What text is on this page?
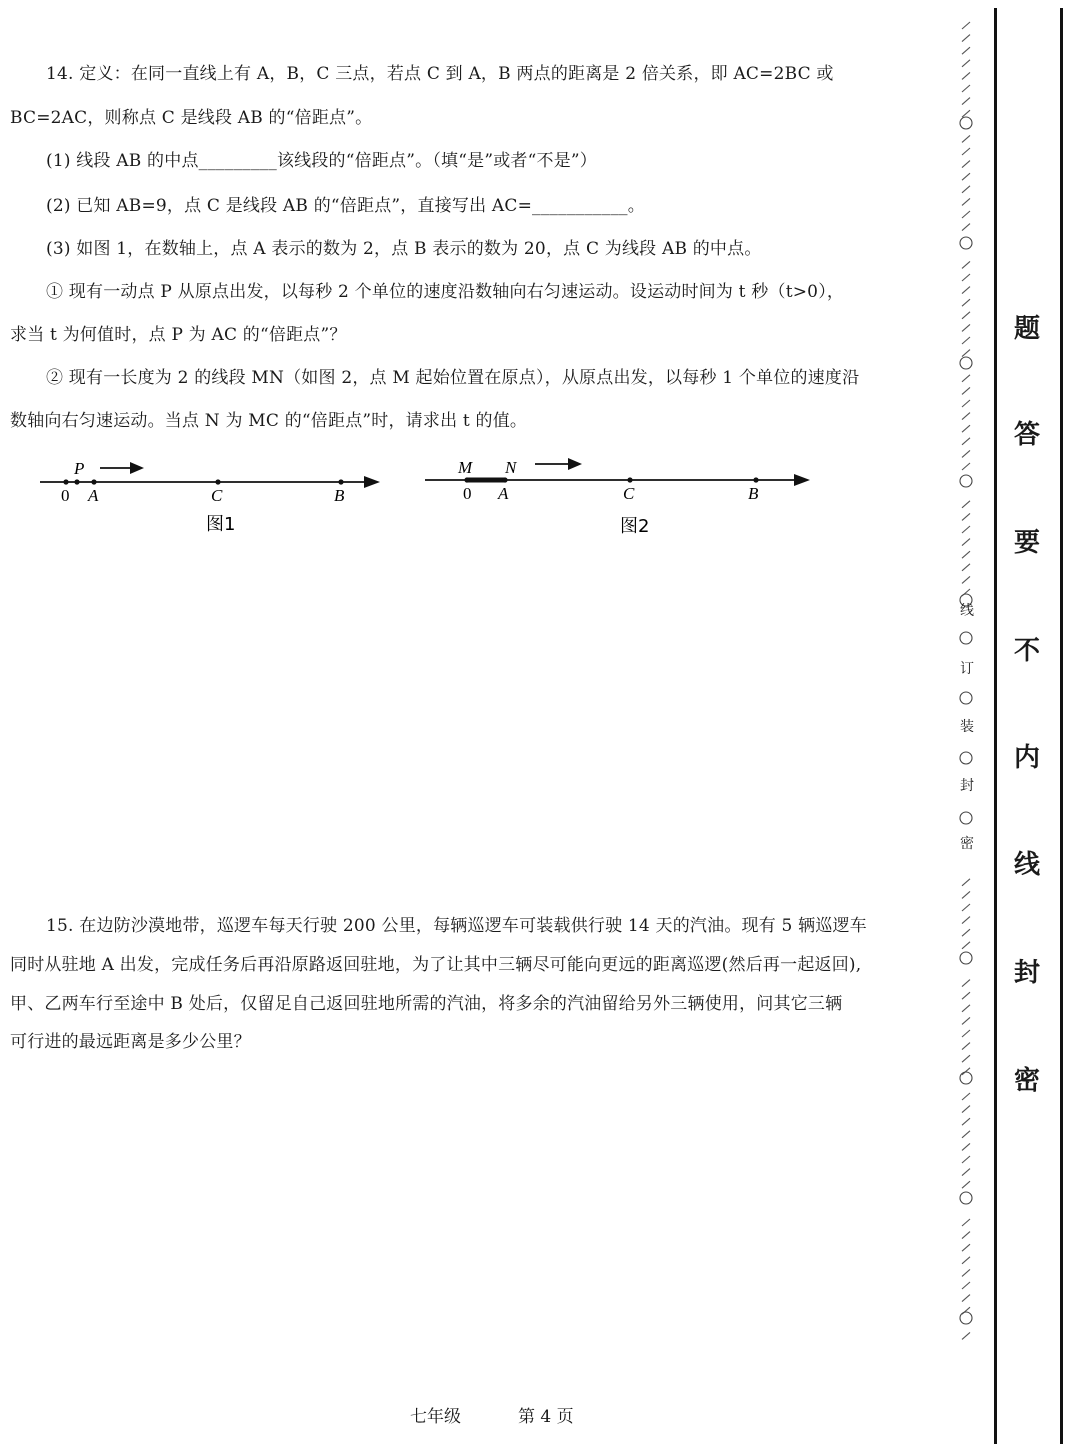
14. 定义：在同一直线上有 A，B，C 三点，若点 C 到 A，B 两点的距离是 2 倍关系，即 AC=2BC 或
BC=2AC，则称点 C 是线段 AB 的“倍距点”。
(1) 线段 AB 的中点_________该线段的“倍距点”。（填“是”或者“不是”）
(2) 已知 AB=9，点 C 是线段 AB 的“倍距点”，直接写出 AC=___________。
(3) 如图 1，在数轴上，点 A 表示的数为 2，点 B 表示的数为 20，点 C 为线段 AB 的中点。
① 现有一动点 P 从原点出发，以每秒 2 个单位的速度沿数轴向右匀速运动。设运动时间为 t 秒（t>0），
求当 t 为何值时，点 P 为 AC 的“倍距点”？
② 现有一长度为 2 的线段 MN（如图 2，点 M 起始位置在原点），从原点出发，以每秒 1 个单位的速度沿
数轴向右匀速运动。当点 N 为 MC 的“倍距点”时，请求出 t 的值。
P
0 A	C	B
图1
M N
0 A	C	B
图2
15. 在边防沙漠地带，巡逻车每天行驶 200 公里，每辆巡逻车可装载供行驶 14 天的汽油。现有 5 辆巡逻车
同时从驻地 A 出发，完成任务后再沿原路返回驻地，为了让其中三辆尽可能向更远的距离巡逻(然后再一起返回),
甲、乙两车行至途中 B 处后，仅留足自己返回驻地所需的汽油，将多余的汽油留给另外三辆使用，问其它三辆
可行进的最远距离是多少公里？
七年级	第 4 页
线
订
装
封
密
题
答
要
不
内
线
封
密
